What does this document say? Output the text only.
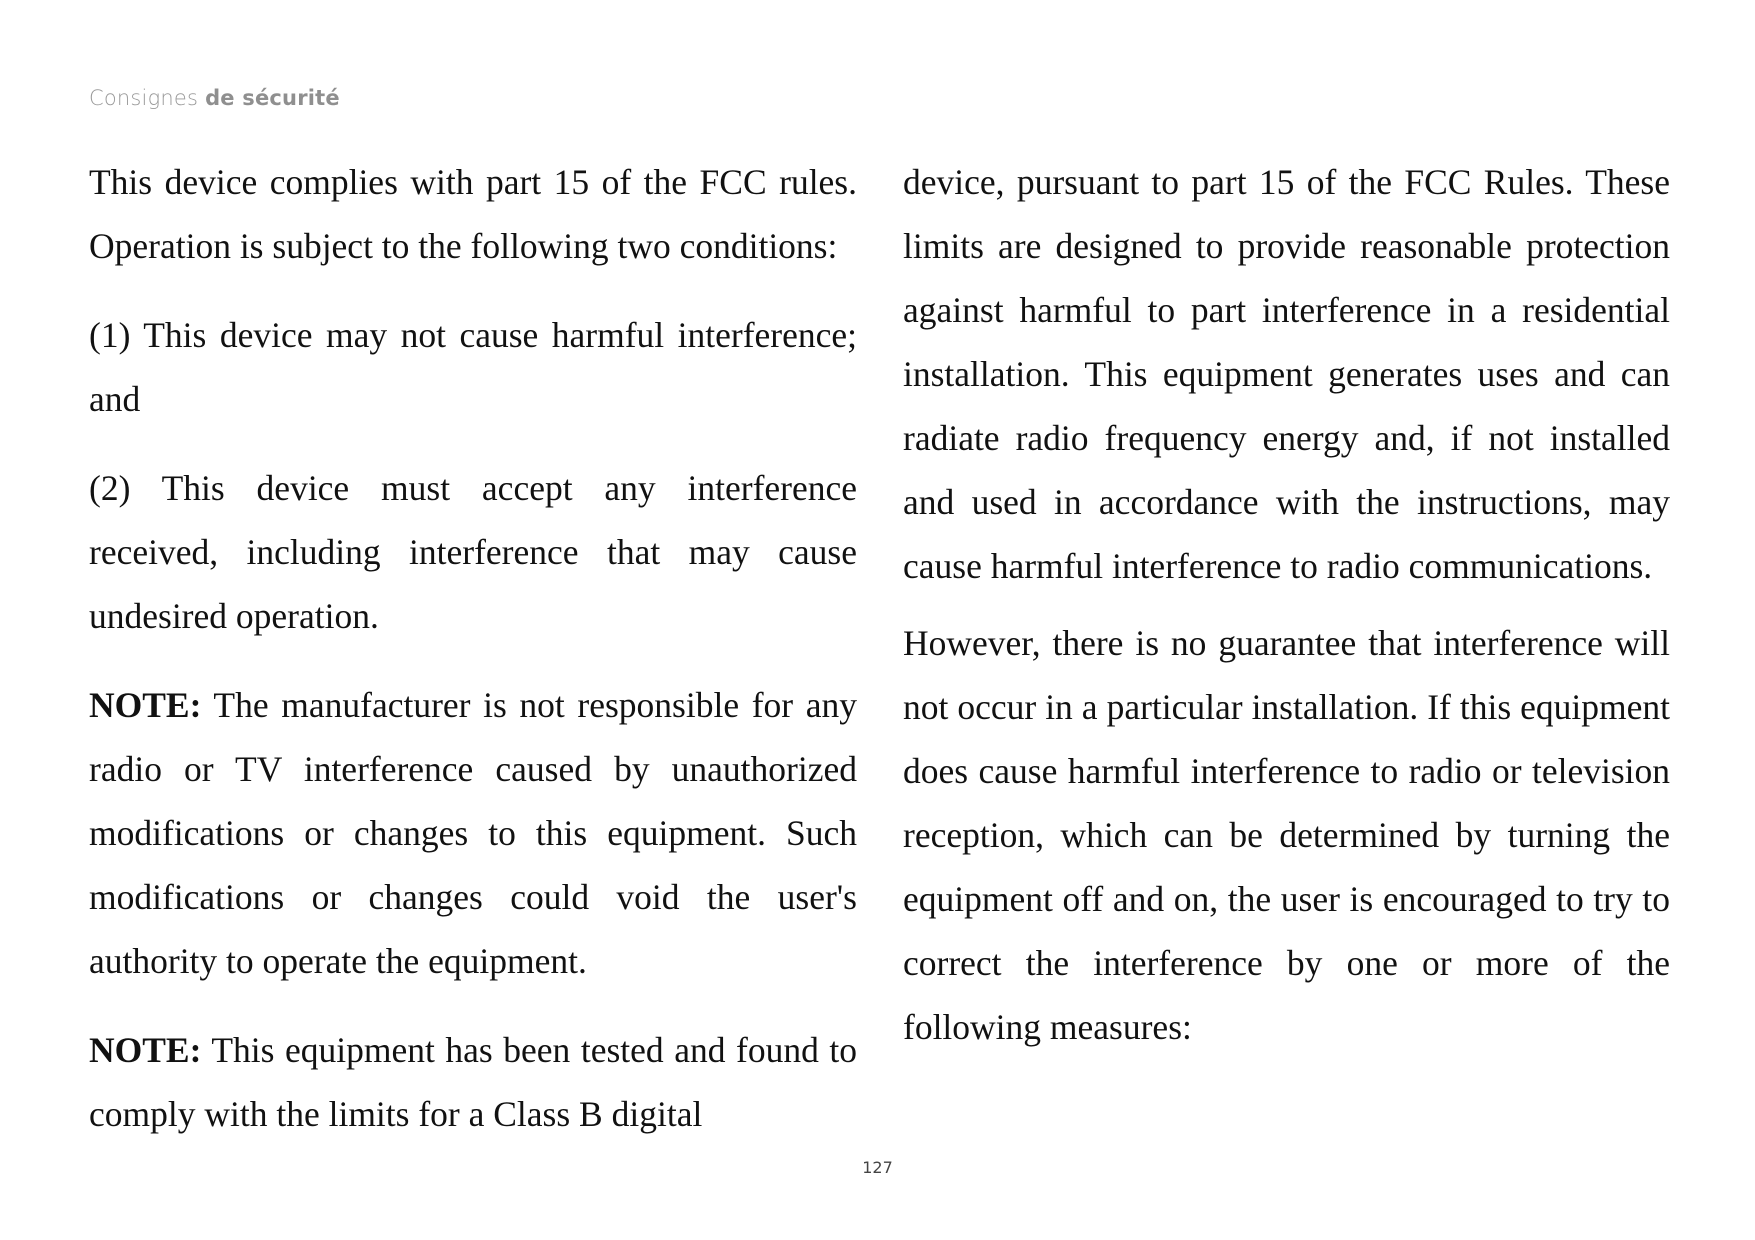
Consignes de sécurité

This device complies with part 15 of the FCC rules. Operation is subject to the following two conditions:

(1) This device may not cause harmful interference; and

(2) This device must accept any interference received, including interference that may cause undesired operation.

NOTE: The manufacturer is not responsible for any radio or TV interference caused by unauthorized modifications or changes to this equipment. Such modifications or changes could void the user's authority to operate the equipment.

NOTE: This equipment has been tested and found to comply with the limits for a Class B digital

device, pursuant to part 15 of the FCC Rules. These limits are designed to provide reasonable protection against harmful to part interference in a residential installation. This equipment generates uses and can radiate radio frequency energy and, if not installed and used in accordance with the instructions, may cause harmful interference to radio communications.

However, there is no guarantee that interference will not occur in a particular installation. If this equipment does cause harmful interference to radio or television reception, which can be determined by turning the equipment off and on, the user is encouraged to try to correct the interference by one or more of the following measures:

127
